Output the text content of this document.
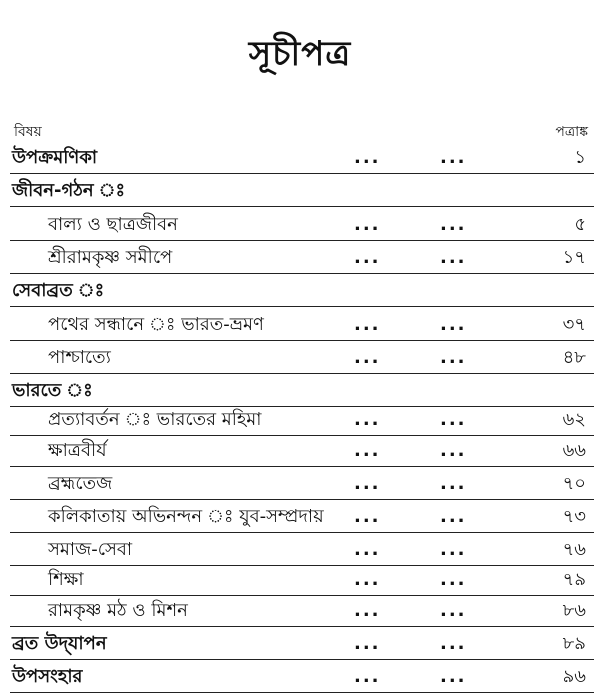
সূচীপত্র
বিষয়	পত্রাঙ্ক
উপক্রমণিকা	...	...	১
জীবন-গঠন ঃ
বাল্য ও ছাত্রজীবন	...	...	৫
শ্রীরামকৃষ্ণ সমীপে	...	...	১৭
সেবাব্রত ঃ
পথের সন্ধানে ঃ ভারত-ভ্রমণ	...	...	৩৭
পাশ্চাত্যে	...	...	৪৮
ভারতে ঃ
প্রত্যাবর্তন ঃ ভারতের মহিমা	...	...	৬২
ক্ষাত্রবীর্য	...	...	৬৬
ব্রহ্মতেজ	...	...	৭০
কলিকাতায় অভিনন্দন ঃ যুব-সম্প্রদায় ...	...	৭৩
সমাজ-সেবা	...	...	৭৬
শিক্ষা	...	...	৭৯
রামকৃষ্ণ মঠ ও মিশন	...	...	৮৬
ব্রত উদ্‌যাপন	...	...	৮৯
উপসংহার	...	...	৯৬
